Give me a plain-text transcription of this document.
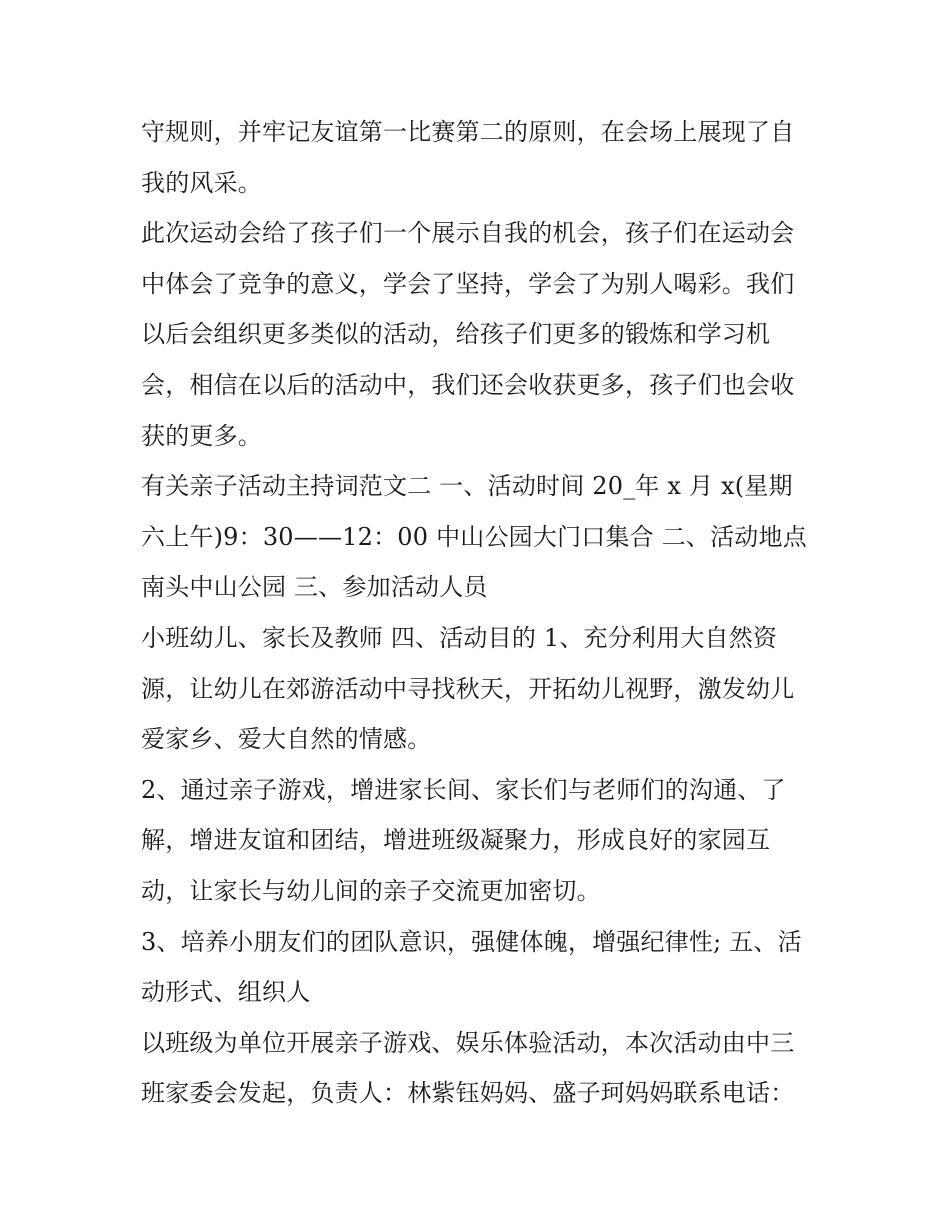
守规则，并牢记友谊第一比赛第二的原则，在会场上展现了自
我的风采。

此次运动会给了孩子们一个展示自我的机会，孩子们在运动会
中体会了竞争的意义，学会了坚持，学会了为别人喝彩。我们
以后会组织更多类似的活动，给孩子们更多的锻炼和学习机
会，相信在以后的活动中，我们还会收获更多，孩子们也会收
获的更多。

有关亲子活动主持词范文二 一、活动时间 20_年 x 月 x(星期
六上午)9：30——12：00 中山公园大门口集合 二、活动地点
南头中山公园 三、参加活动人员

小班幼儿、家长及教师 四、活动目的 1、充分利用大自然资
源，让幼儿在郊游活动中寻找秋天，开拓幼儿视野，激发幼儿
爱家乡、爱大自然的情感。

2、通过亲子游戏，增进家长间、家长们与老师们的沟通、了
解，增进友谊和团结，增进班级凝聚力，形成良好的家园互
动，让家长与幼儿间的亲子交流更加密切。

3、培养小朋友们的团队意识，强健体魄，增强纪律性; 五、活
动形式、组织人

以班级为单位开展亲子游戏、娱乐体验活动，本次活动由中三
班家委会发起，负责人：林紫钰妈妈、盛子珂妈妈联系电话：
